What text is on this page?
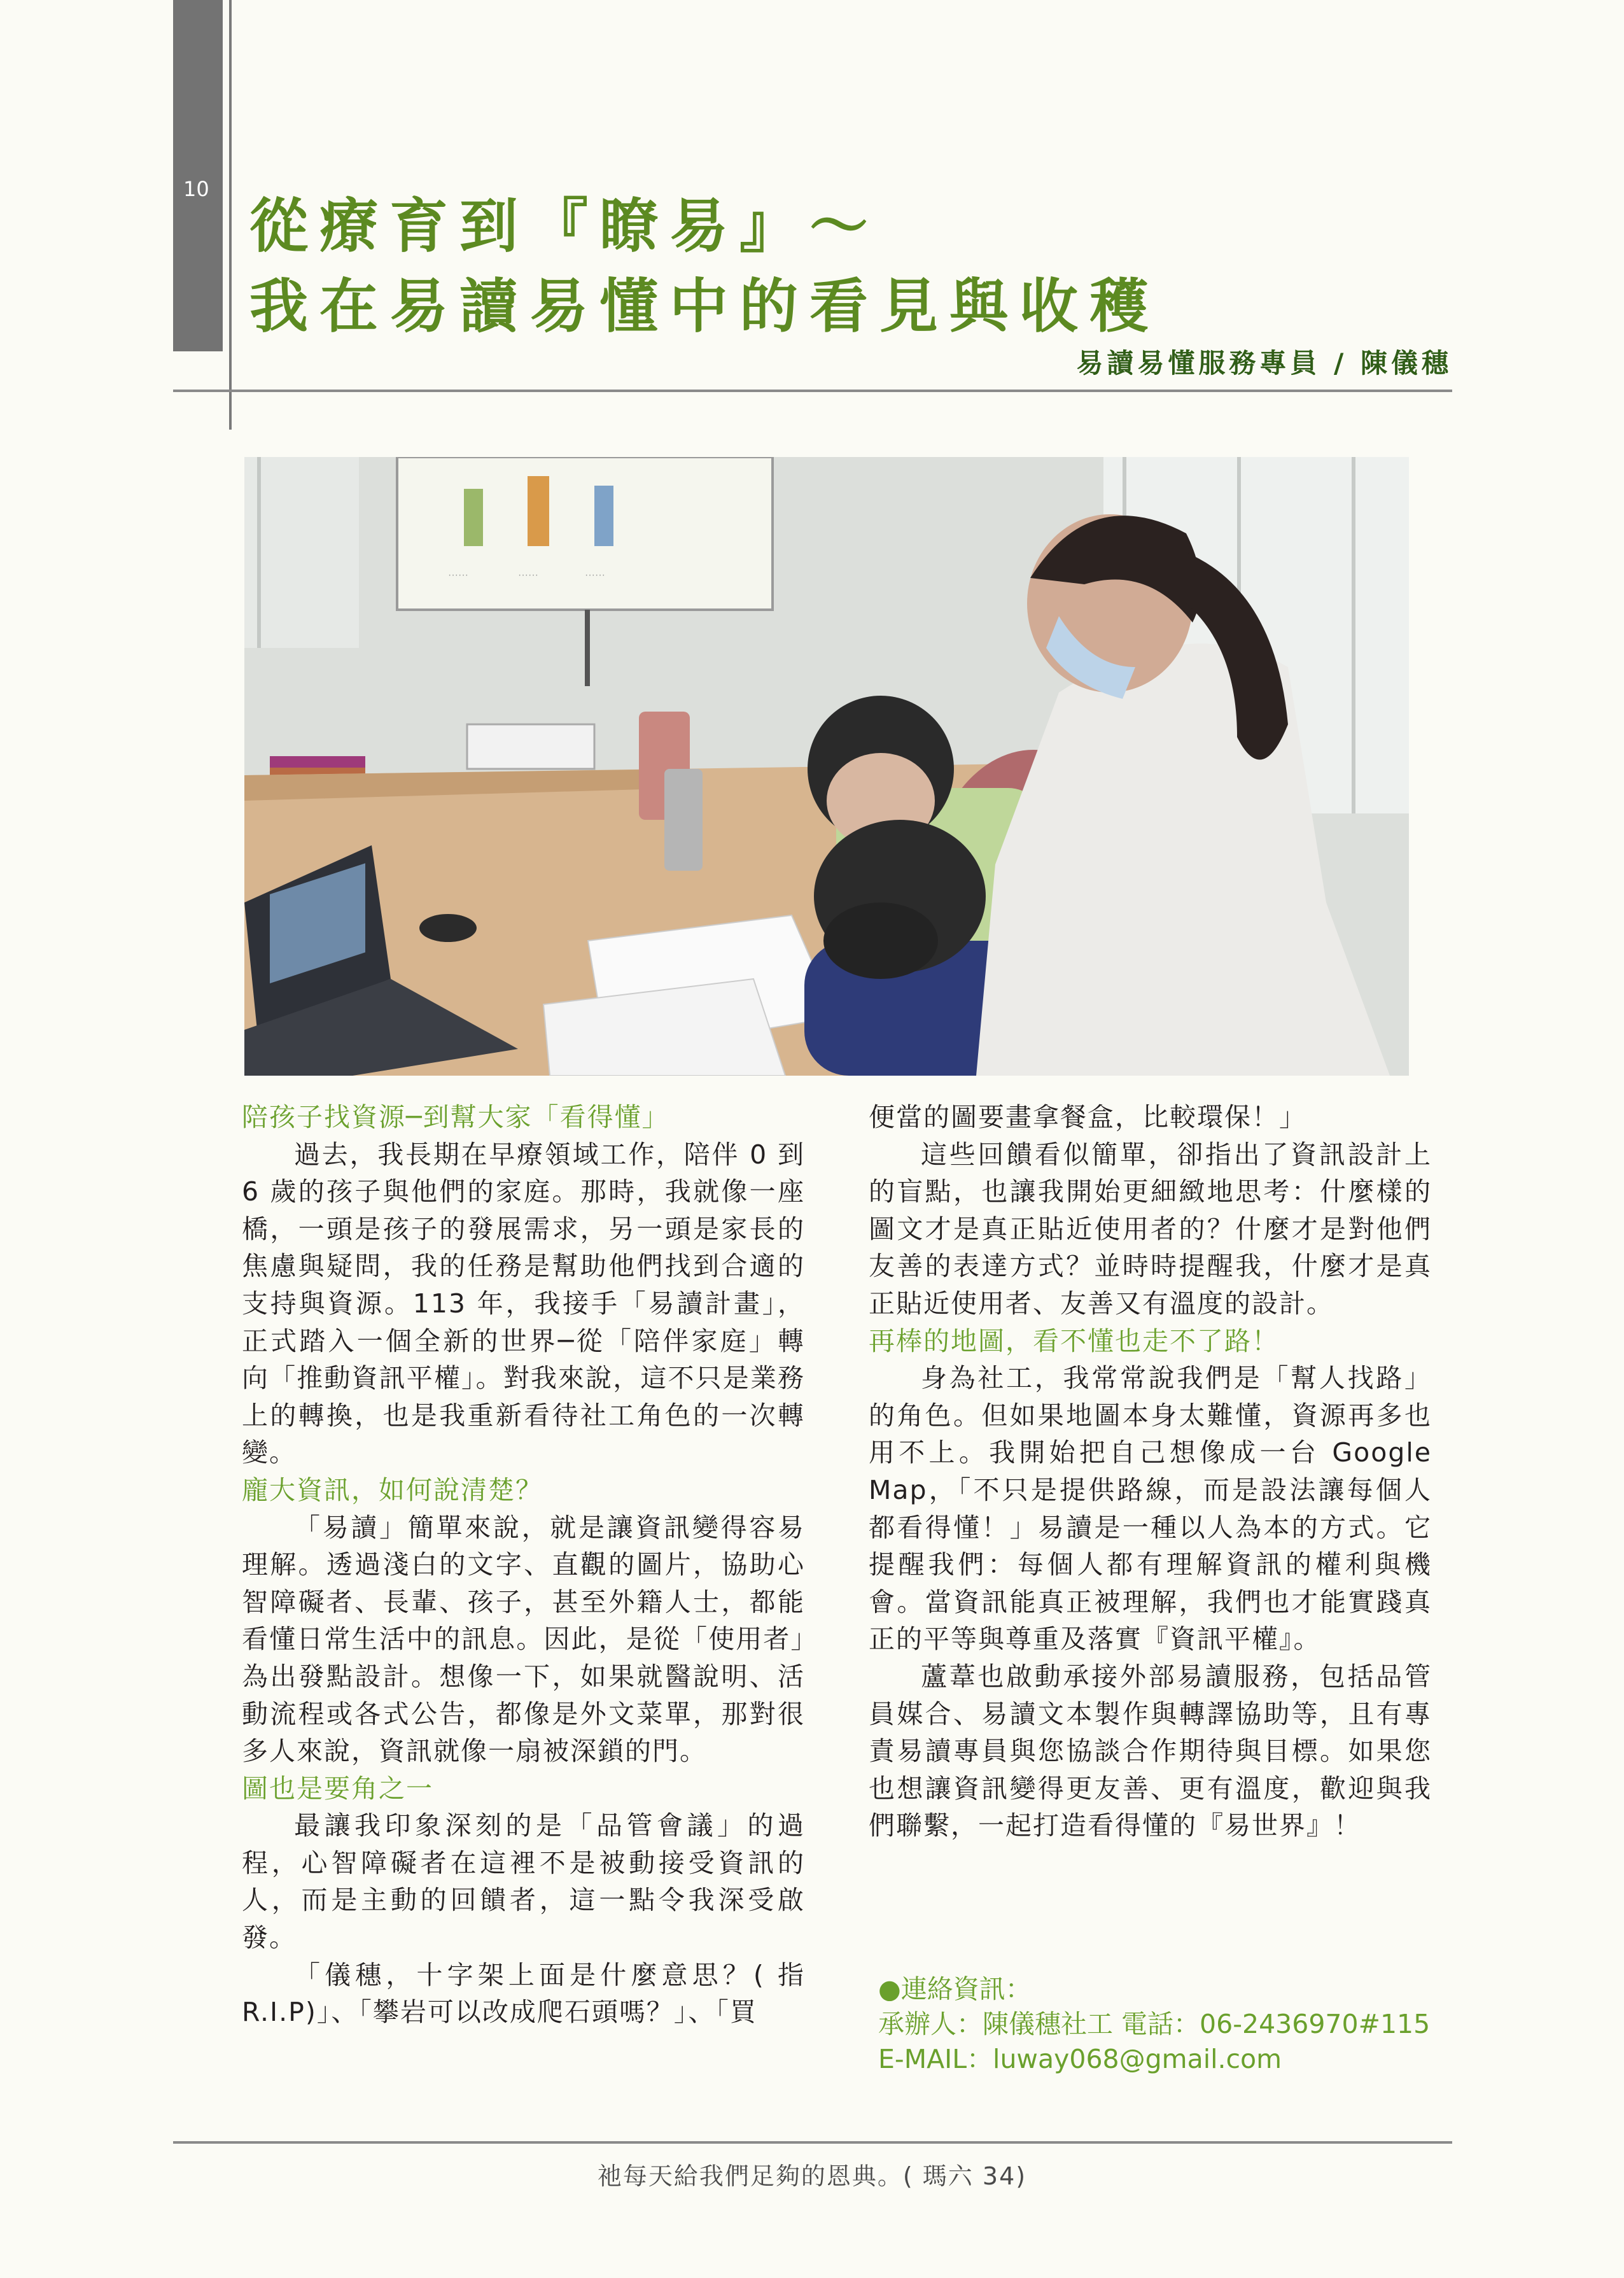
10
從療育到『瞭易』～
我在易讀易懂中的看見與收穫
易讀易懂服務專員 / 陳儀穗
······	······	······
陪孩子找資源─到幫大家「看得懂」

過去，我長期在早療領域工作，陪伴 0 到 6 歲的孩子與他們的家庭。那時，我就像一座橋，一頭是孩子的發展需求，另一頭是家長的焦慮與疑問，我的任務是幫助他們找到合適的支持與資源。113 年，我接手「易讀計畫」，正式踏入一個全新的世界─從「陪伴家庭」轉向「推動資訊平權」。對我來說，這不只是業務上的轉換，也是我重新看待社工角色的一次轉變。

龐大資訊，如何說清楚？

「易讀」簡單來說，就是讓資訊變得容易理解。透過淺白的文字、直觀的圖片，協助心智障礙者、長輩、孩子，甚至外籍人士，都能看懂日常生活中的訊息。因此，是從「使用者」為出發點設計。想像一下，如果就醫說明、活動流程或各式公告，都像是外文菜單，那對很多人來說，資訊就像一扇被深鎖的門。

圖也是要角之一

最讓我印象深刻的是「品管會議」的過程，心智障礙者在這裡不是被動接受資訊的人，而是主動的回饋者，這一點令我深受啟發。

「儀穗，十字架上面是什麼意思？( 指 R.I.P)」、「攀岩可以改成爬石頭嗎？」、「買

便當的圖要畫拿餐盒，比較環保！」

這些回饋看似簡單，卻指出了資訊設計上的盲點，也讓我開始更細緻地思考：什麼樣的圖文才是真正貼近使用者的？什麼才是對他們友善的表達方式？並時時提醒我，什麼才是真正貼近使用者、友善又有溫度的設計。

再棒的地圖，看不懂也走不了路！

身為社工，我常常說我們是「幫人找路」的角色。但如果地圖本身太難懂，資源再多也用不上。我開始把自己想像成一台 Google Map，「不只是提供路線，而是設法讓每個人都看得懂！」易讀是一種以人為本的方式。它提醒我們：每個人都有理解資訊的權利與機會。當資訊能真正被理解，我們也才能實踐真正的平等與尊重及落實『資訊平權』。

蘆葦也啟動承接外部易讀服務，包括品管員媒合、易讀文本製作與轉譯協助等，且有專責易讀專員與您協談合作期待與目標。如果您也想讓資訊變得更友善、更有溫度，歡迎與我們聯繫，一起打造看得懂的『易世界』！

●連絡資訊：
承辦人：陳儀穗社工 電話：06-2436970#115
E-MAIL：luway068@gmail.com
祂每天給我們足夠的恩典。( 瑪六 34)
